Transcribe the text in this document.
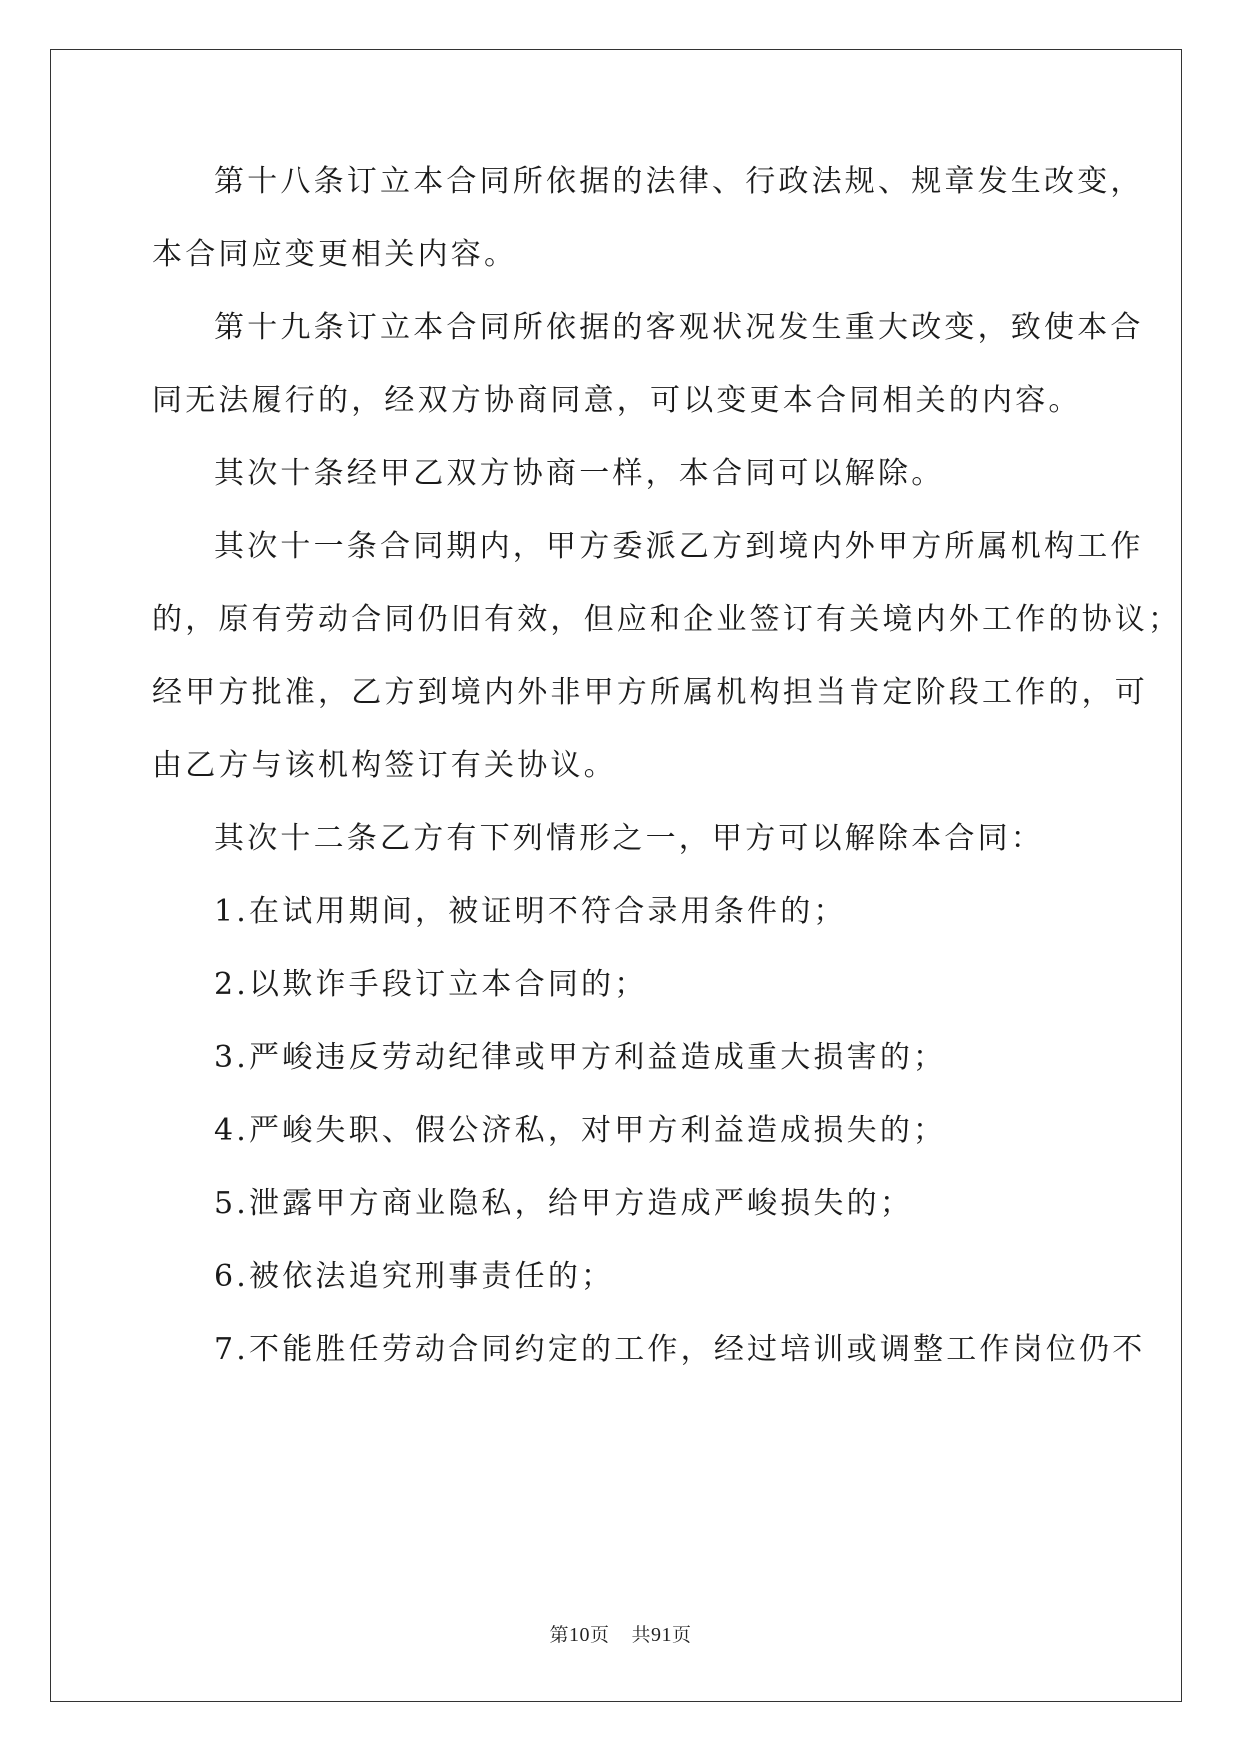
第十八条订立本合同所依据的法律、行政法规、规章发生改变，
本合同应变更相关内容。
第十九条订立本合同所依据的客观状况发生重大改变，致使本合
同无法履行的，经双方协商同意，可以变更本合同相关的内容。
其次十条经甲乙双方协商一样，本合同可以解除。
其次十一条合同期内，甲方委派乙方到境内外甲方所属机构工作
的，原有劳动合同仍旧有效，但应和企业签订有关境内外工作的协议；
经甲方批准，乙方到境内外非甲方所属机构担当肯定阶段工作的，可
由乙方与该机构签订有关协议。
其次十二条乙方有下列情形之一，甲方可以解除本合同：
1.在试用期间，被证明不符合录用条件的；
2.以欺诈手段订立本合同的；
3.严峻违反劳动纪律或甲方利益造成重大损害的；
4.严峻失职、假公济私，对甲方利益造成损失的；
5.泄露甲方商业隐私，给甲方造成严峻损失的；
6.被依法追究刑事责任的；
7.不能胜任劳动合同约定的工作，经过培训或调整工作岗位仍不
第10页 共91页
